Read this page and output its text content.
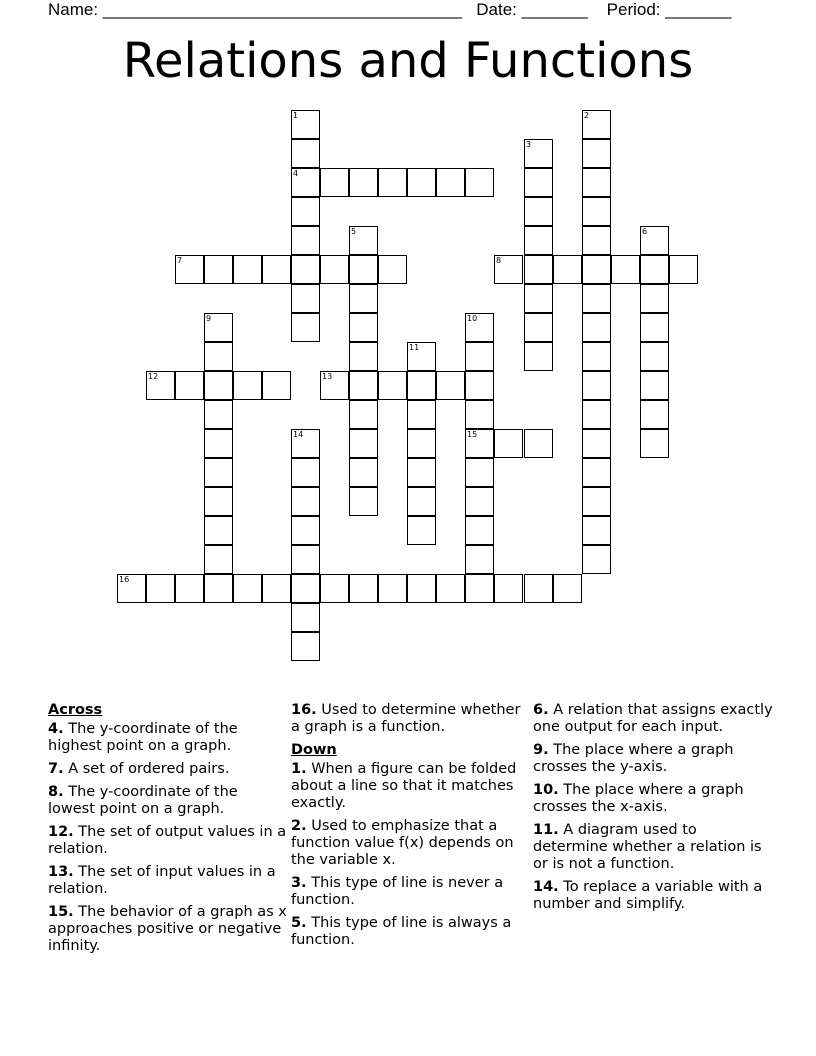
Name: ______________________________________   Date: _______    Period: _______
Relations and Functions
1
4
2
3
5	6
7	8
9	10
15
11
12	13
14
16
Across
4. The y-coordinate of the highest point on a graph.
7. A set of ordered pairs.
8. The y-coordinate of the lowest point on a graph.
12. The set of output values in a relation.
13. The set of input values in a relation.
15. The behavior of a graph as x approaches positive or negative infinity.
16. Used to determine whether a graph is a function.
Down
1. When a figure can be folded about a line so that it matches exactly.
2. Used to emphasize that a function value f(x) depends on the variable x.
3. This type of line is never a function.
5. This type of line is always a function.
6. A relation that assigns exactly one output for each input.
9. The place where a graph crosses the y-axis.
10. The place where a graph crosses the x-axis.
11. A diagram used to determine whether a relation is or is not a function.
14. To replace a variable with a number and simplify.
